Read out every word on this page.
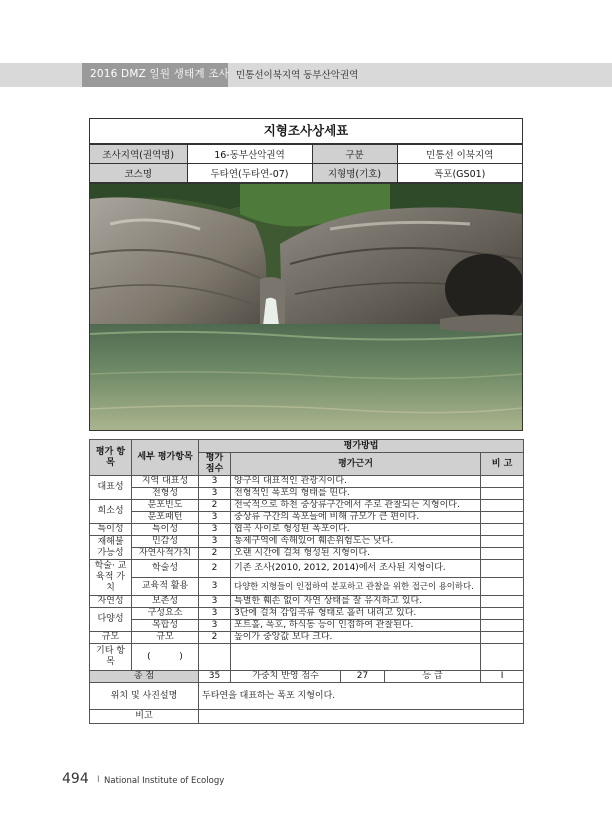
2016 DMZ 일원 생태계 조사 민통선이북지역 동부산악권역
지형조사상세표
조사지역(권역명)	16-동부산악권역	구분	민통선 이북지역
코스명	두타연(두타연-07)	지형명(기호)	폭포(GS01)
평가 항목	세부 평가항목	평가방법				
		평가 점수	평가근거			비 고
대표성	지역 대표성	3	양구의 대표적인 관광지이다.			
	전형성	3	전형적인 폭포의 형태를 띤다.			
희소성	분포빈도	2	전국적으로 하천 중상류구간에서 주로 관찰되는 지형이다.			
	분포패턴	3	중상류 구간의 폭포들에 비해 규모가 큰 편이다.			
특이성	특이성	3	협곡 사이로 형성된 폭포이다.			
재해불 가능성	민감성	3	통제구역에 속해있어 훼손위험도는 낮다.			
	자연사적가치	2	오랜 시간에 걸쳐 형성된 지형이다.			
학술· 교육적 가치	학술성	2	기존 조사(2010, 2012, 2014)에서 조사된 지형이다.			
	교육적 활용	3	다양한 지형들이 인접하여 분포하고 관찰을 위한 접근이 용이하다.			
자연성	보존성	3	특별한 훼손 없이 자연 상태를 잘 유지하고 있다.			
다양성	구성요소	3	3단에 걸쳐 감입곡류 형태로 흘러 내리고 있다.			
	복합성	3	포트홀, 폭호, 하식동 등이 인접하여 관찰된다.			
규모	규모	2	높이가 중앙값 보다 크다.			
기타 항목	(          )					
총 점		35	가중치 반영 점수	27	등 급	I
위치 및 사진설명		두타연을 대표하는 폭포 지형이다.				
비고						
494 I National Institute of Ecology
